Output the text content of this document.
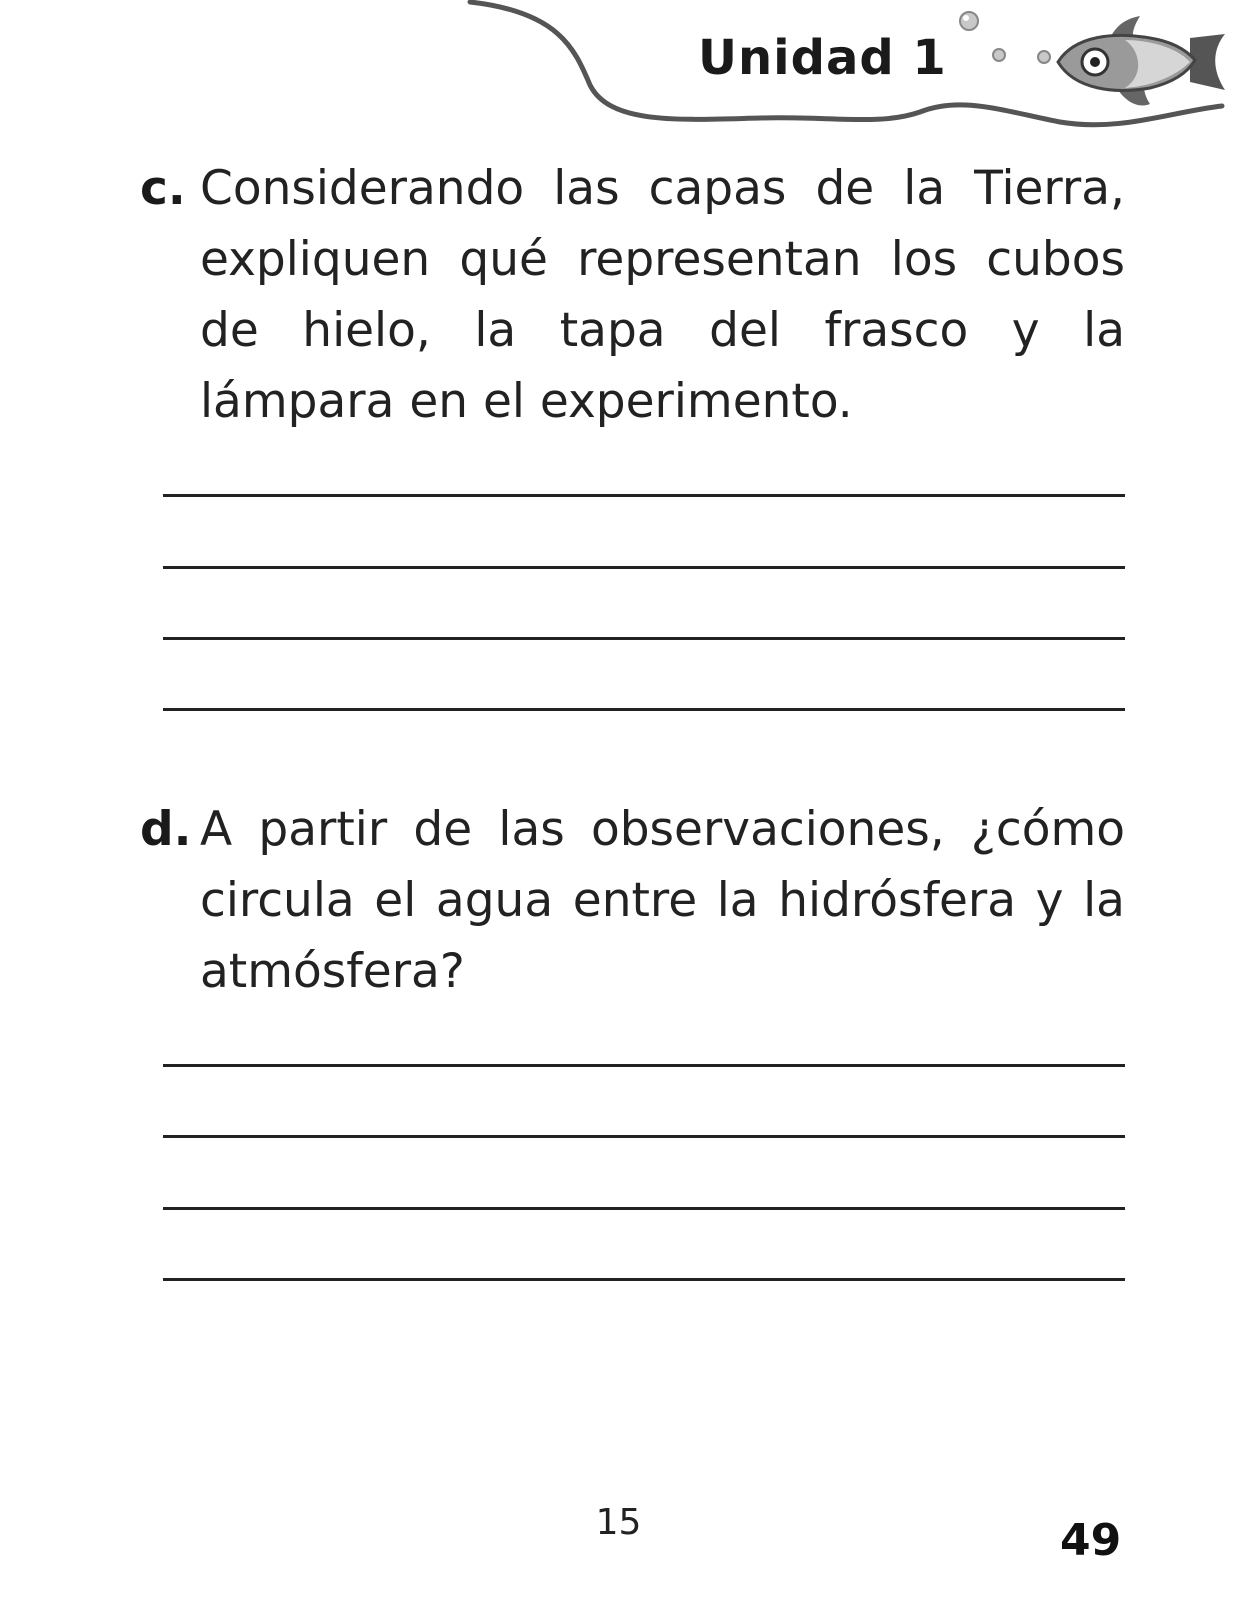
Unidad 1
c. Considerando las capas de la Tierra, expliquen qué representan los cubos de hielo, la tapa del frasco y la lámpara en el experimento.
d. A partir de las observaciones, ¿cómo circula el agua entre la hidrósfera y la atmósfera?
15	49
